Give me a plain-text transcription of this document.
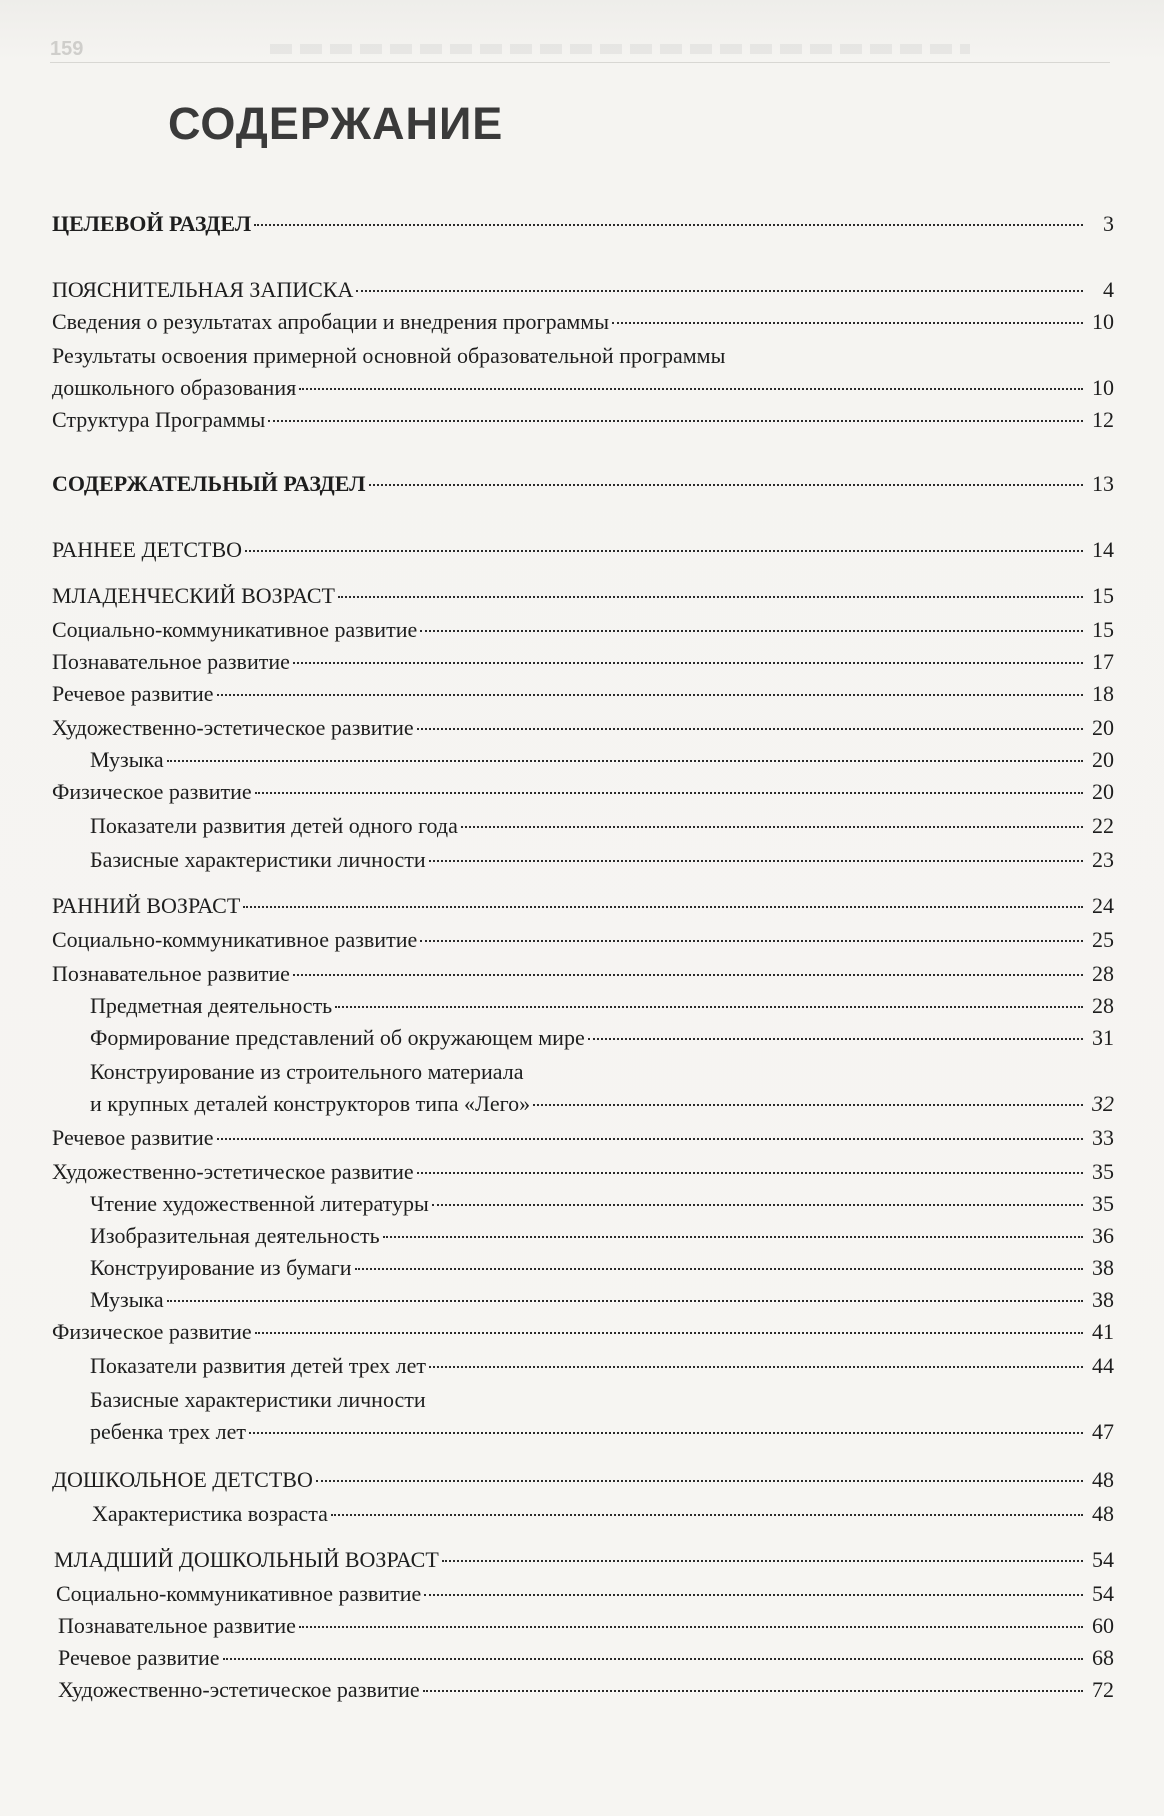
159
СОДЕРЖАНИЕ
ЦЕЛЕВОЙ РАЗДЕЛ	3
ПОЯСНИТЕЛЬНАЯ ЗАПИСКА	4
Сведения о результатах апробации и внедрения программы	10
Результаты освоения примерной основной образовательной программы
дошкольного образования	10
Структура Программы	12
СОДЕРЖАТЕЛЬНЫЙ РАЗДЕЛ	13
РАННЕЕ ДЕТСТВО	14
МЛАДЕНЧЕСКИЙ ВОЗРАСТ	15
Социально-коммуникативное развитие	15
Познавательное развитие	17
Речевое развитие	18
Художественно-эстетическое развитие	20
Музыка	20
Физическое развитие	20
Показатели развития детей одного года	22
Базисные характеристики личности	23
РАННИЙ ВОЗРАСТ	24
Социально-коммуникативное развитие	25
Познавательное развитие	28
Предметная деятельность	28
Формирование представлений об окружающем мире	31
Конструирование из строительного материала
и крупных деталей конструкторов типа «Лего»	32
Речевое развитие	33
Художественно-эстетическое развитие	35
Чтение художественной литературы	35
Изобразительная деятельность	36
Конструирование из бумаги	38
Музыка	38
Физическое развитие	41
Показатели развития детей трех лет	44
Базисные характеристики личности
ребенка трех лет	47
ДОШКОЛЬНОЕ ДЕТСТВО	48
Характеристика возраста	48
МЛАДШИЙ ДОШКОЛЬНЫЙ ВОЗРАСТ	54
Социально-коммуникативное развитие	54
Познавательное развитие	60
Речевое развитие	68
Художественно-эстетическое развитие	72
